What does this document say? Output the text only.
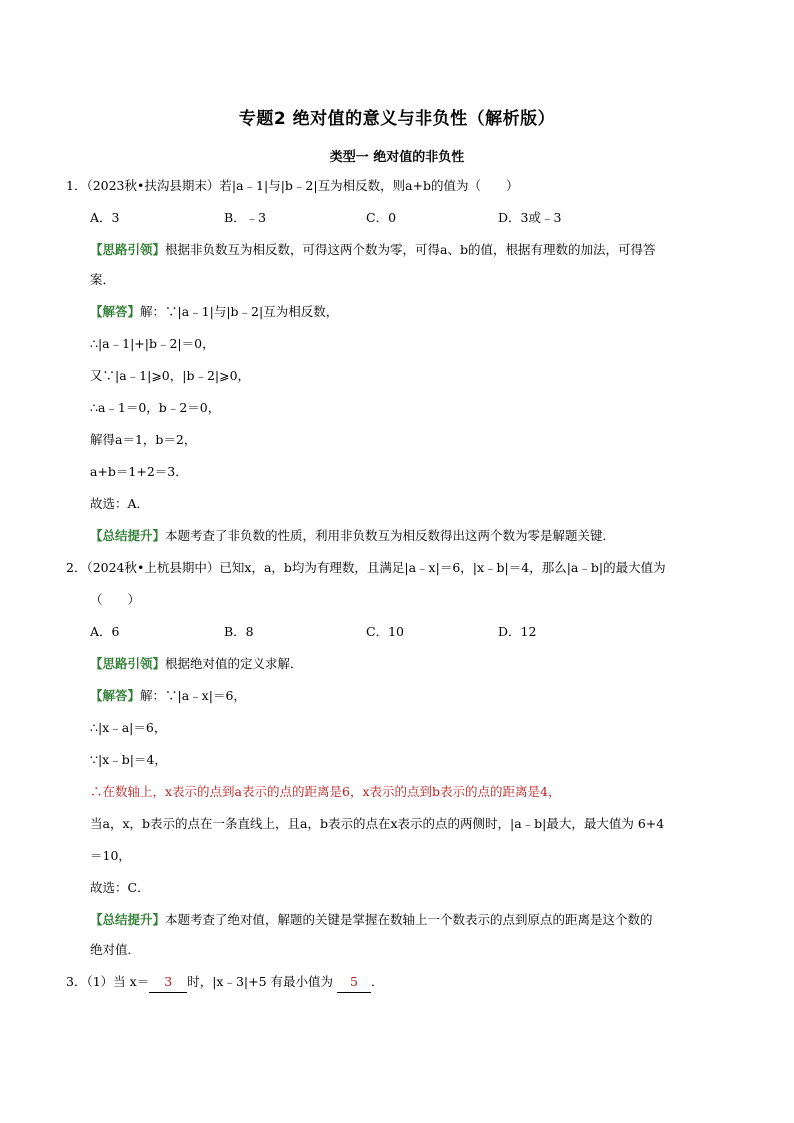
专题2 绝对值的意义与非负性（解析版）
类型一 绝对值的非负性
1．（2023秋•扶沟县期末）若|a﹣1|与|b﹣2|互为相反数，则a+b的值为（　　）
A．3	B．﹣3	C．0	D．3或﹣3
【思路引领】根据非负数互为相反数，可得这两个数为零，可得a、b的值，根据有理数的加法，可得答
案．
【解答】解：∵|a﹣1|与|b﹣2|互为相反数，
∴|a﹣1|+|b﹣2|＝0，
又∵|a﹣1|⩾0，|b﹣2|⩾0，
∴a﹣1＝0，b﹣2＝0，
解得a＝1，b＝2，
a+b＝1+2＝3．
故选：A．
【总结提升】本题考查了非负数的性质，利用非负数互为相反数得出这两个数为零是解题关键．
2．（2024秋•上杭县期中）已知x，a，b均为有理数，且满足|a﹣x|＝6，|x﹣b|＝4，那么|a﹣b|的最大值为
（　　）
A．6	B．8	C．10	D．12
【思路引领】根据绝对值的定义求解．
【解答】解：∵|a﹣x|＝6，
∴|x﹣a|＝6，
∵|x﹣b|＝4，
∴在数轴上，x表示的点到a表示的点的距离是6，x表示的点到b表示的点的距离是4，
当a，x，b表示的点在一条直线上，且a，b表示的点在x表示的点的两侧时，|a﹣b|最大，最大值为 6+4
＝10，
故选：C．
【总结提升】本题考查了绝对值，解题的关键是掌握在数轴上一个数表示的点到原点的距离是这个数的
绝对值．
3．（1）当 x＝ 3 时，|x﹣3|+5 有最小值为 5 ．
